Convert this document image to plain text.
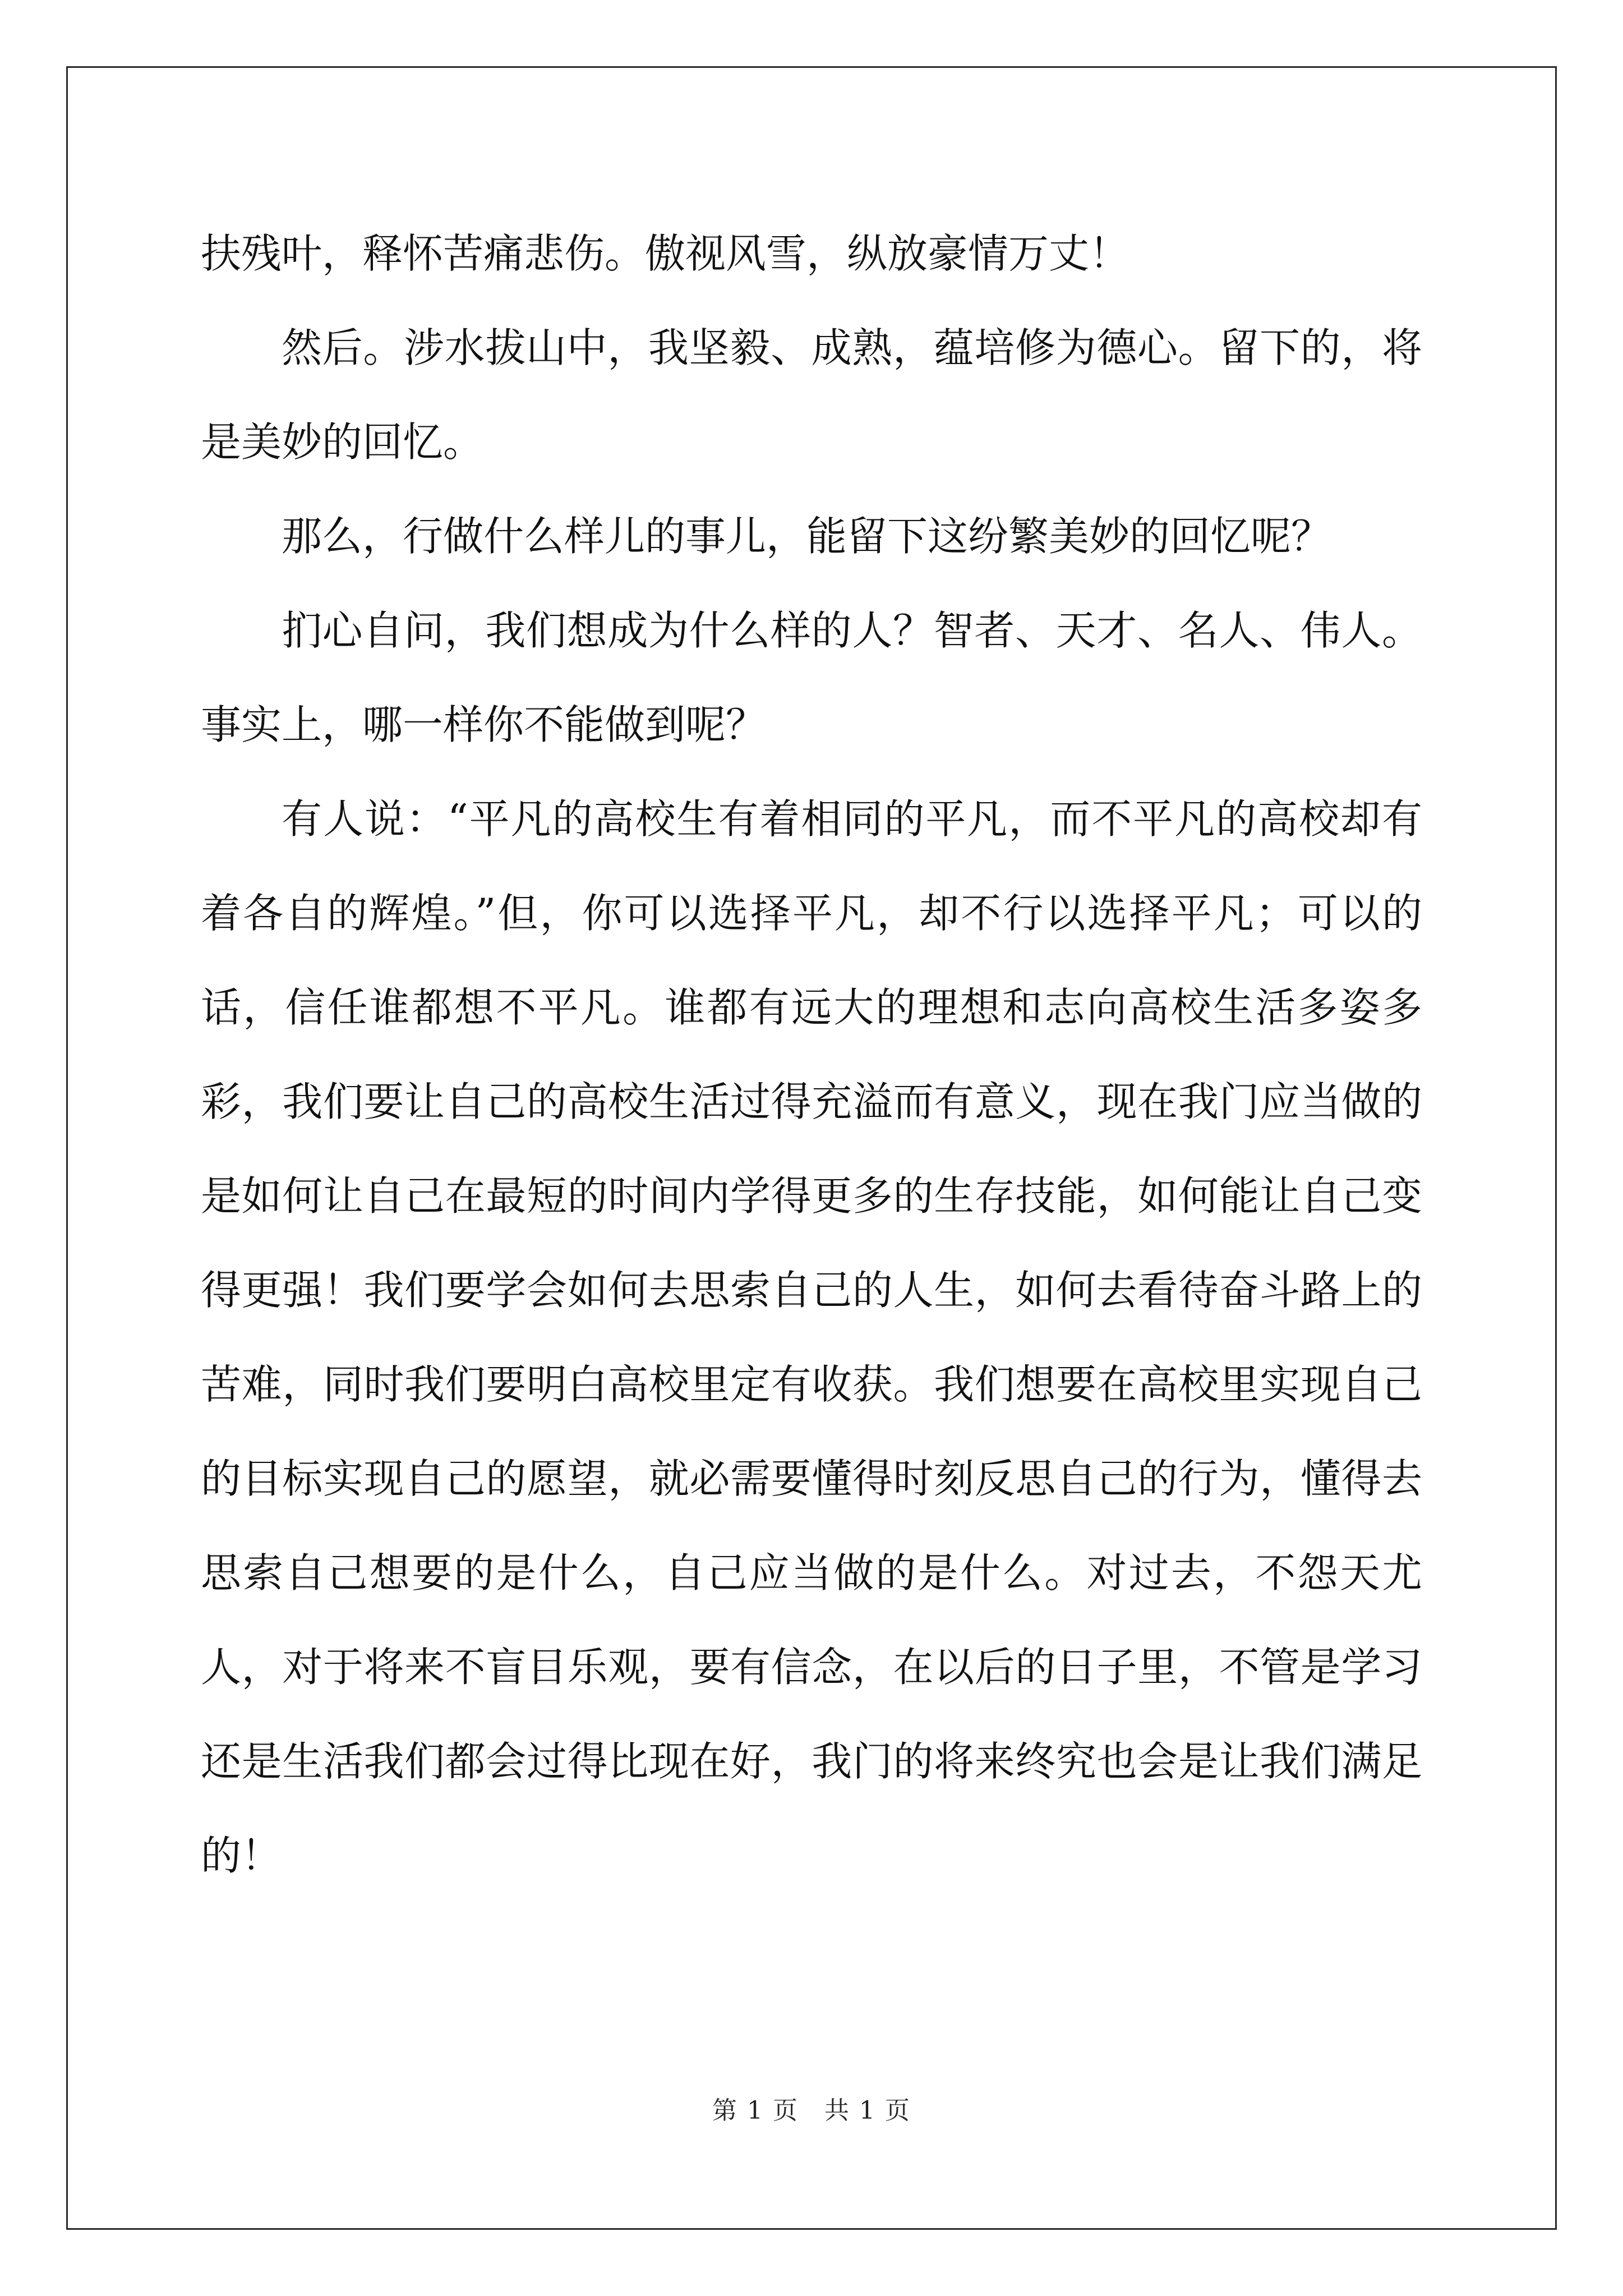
扶残叶，释怀苦痛悲伤。傲视风雪，纵放豪情万丈！

然后。涉水拔山中，我坚毅、成熟，蕴培修为德心。留下的，将是美妙的回忆。

那么，行做什么样儿的事儿，能留下这纷繁美妙的回忆呢？

扪心自问，我们想成为什么样的人？智者、天才、名人、伟人。事实上，哪一样你不能做到呢？

有人说：“平凡的高校生有着相同的平凡，而不平凡的高校却有着各自的辉煌。”但，你可以选择平凡，却不行以选择平凡；可以的话，信任谁都想不平凡。谁都有远大的理想和志向高校生活多姿多彩，我们要让自己的高校生活过得充溢而有意义，现在我门应当做的是如何让自己在最短的时间内学得更多的生存技能，如何能让自己变得更强！我们要学会如何去思索自己的人生，如何去看待奋斗路上的苦难，同时我们要明白高校里定有收获。我们想要在高校里实现自己的目标实现自己的愿望，就必需要懂得时刻反思自己的行为，懂得去思索自己想要的是什么，自己应当做的是什么。对过去，不怨天尤人，对于将来不盲目乐观，要有信念，在以后的日子里，不管是学习还是生活我们都会过得比现在好，我门的将来终究也会是让我们满足的！

第 1 页　共 1 页
